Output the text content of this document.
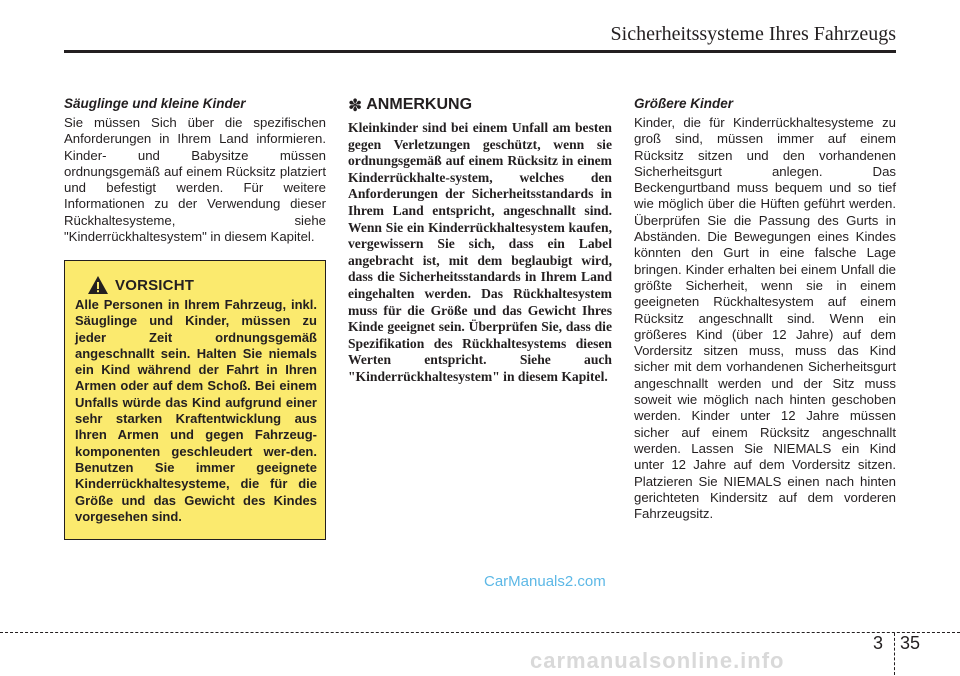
Sicherheitssysteme Ihres Fahrzeugs

Säuglinge und kleine Kinder

Sie müssen Sich über die spezifischen Anforderungen in Ihrem Land informieren. Kinder- und Babysitze müssen ordnungsgemäß auf einem Rücksitz platziert und befestigt werden. Für weitere Informationen zu der Verwendung dieser Rückhaltesysteme, siehe "Kinderrückhaltesystem" in diesem Kapitel.

VORSICHT

Alle Personen in Ihrem Fahrzeug, inkl. Säuglinge und Kinder, müssen zu jeder Zeit ordnungsgemäß angeschnallt sein. Halten Sie niemals ein Kind während der Fahrt in Ihren Armen oder auf dem Schoß. Bei einem Unfalls würde das Kind aufgrund einer sehr starken Kraftentwicklung aus Ihren Armen und gegen Fahrzeug-komponenten geschleudert wer-den. Benutzen Sie immer geeignete Kinderrückhaltesysteme, die für die Größe und das Gewicht des Kindes vorgesehen sind.

✽ ANMERKUNG

Kleinkinder sind bei einem Unfall am besten gegen Verletzungen geschützt, wenn sie ordnungsgemäß auf einem Rücksitz in einem Kinderrückhalte-system, welches den Anforderungen der Sicherheitsstandards in Ihrem Land entspricht, angeschnallt sind. Wenn Sie ein Kinderrückhaltesystem kaufen, vergewissern Sie sich, dass ein Label angebracht ist, mit dem beglaubigt wird, dass die Sicherheitsstandards in Ihrem Land eingehalten werden. Das Rückhaltesystem muss für die Größe und das Gewicht Ihres Kinde geeignet sein. Überprüfen Sie, dass die Spezifikation des Rückhaltesystems diesen Werten entspricht. Siehe auch "Kinderrückhaltesystem" in diesem Kapitel.

Größere Kinder

Kinder, die für Kinderrückhaltesysteme zu groß sind, müssen immer auf einem Rücksitz sitzen und den vorhandenen Sicherheitsgurt anlegen. Das Beckengurtband muss bequem und so tief wie möglich über die Hüften geführt werden. Überprüfen Sie die Passung des Gurts in Abständen. Die Bewegungen eines Kindes könnten den Gurt in eine falsche Lage bringen. Kinder erhalten bei einem Unfall die größte Sicherheit, wenn sie in einem geeigneten Rückhaltesystem auf einem Rücksitz angeschnallt sind. Wenn ein größeres Kind (über 12 Jahre) auf dem Vordersitz sitzen muss, muss das Kind sicher mit dem vorhandenen Sicherheitsgurt angeschnallt werden und der Sitz muss soweit wie möglich nach hinten geschoben werden. Kinder unter 12 Jahre müssen sicher auf einem Rücksitz angeschnallt werden. Lassen Sie NIEMALS ein Kind unter 12 Jahre auf dem Vordersitz sitzen. Platzieren Sie NIEMALS einen nach hinten gerichteten Kindersitz auf dem vorderen Fahrzeugsitz.

CarManuals2.com
3 35
carmanualsonline.info
